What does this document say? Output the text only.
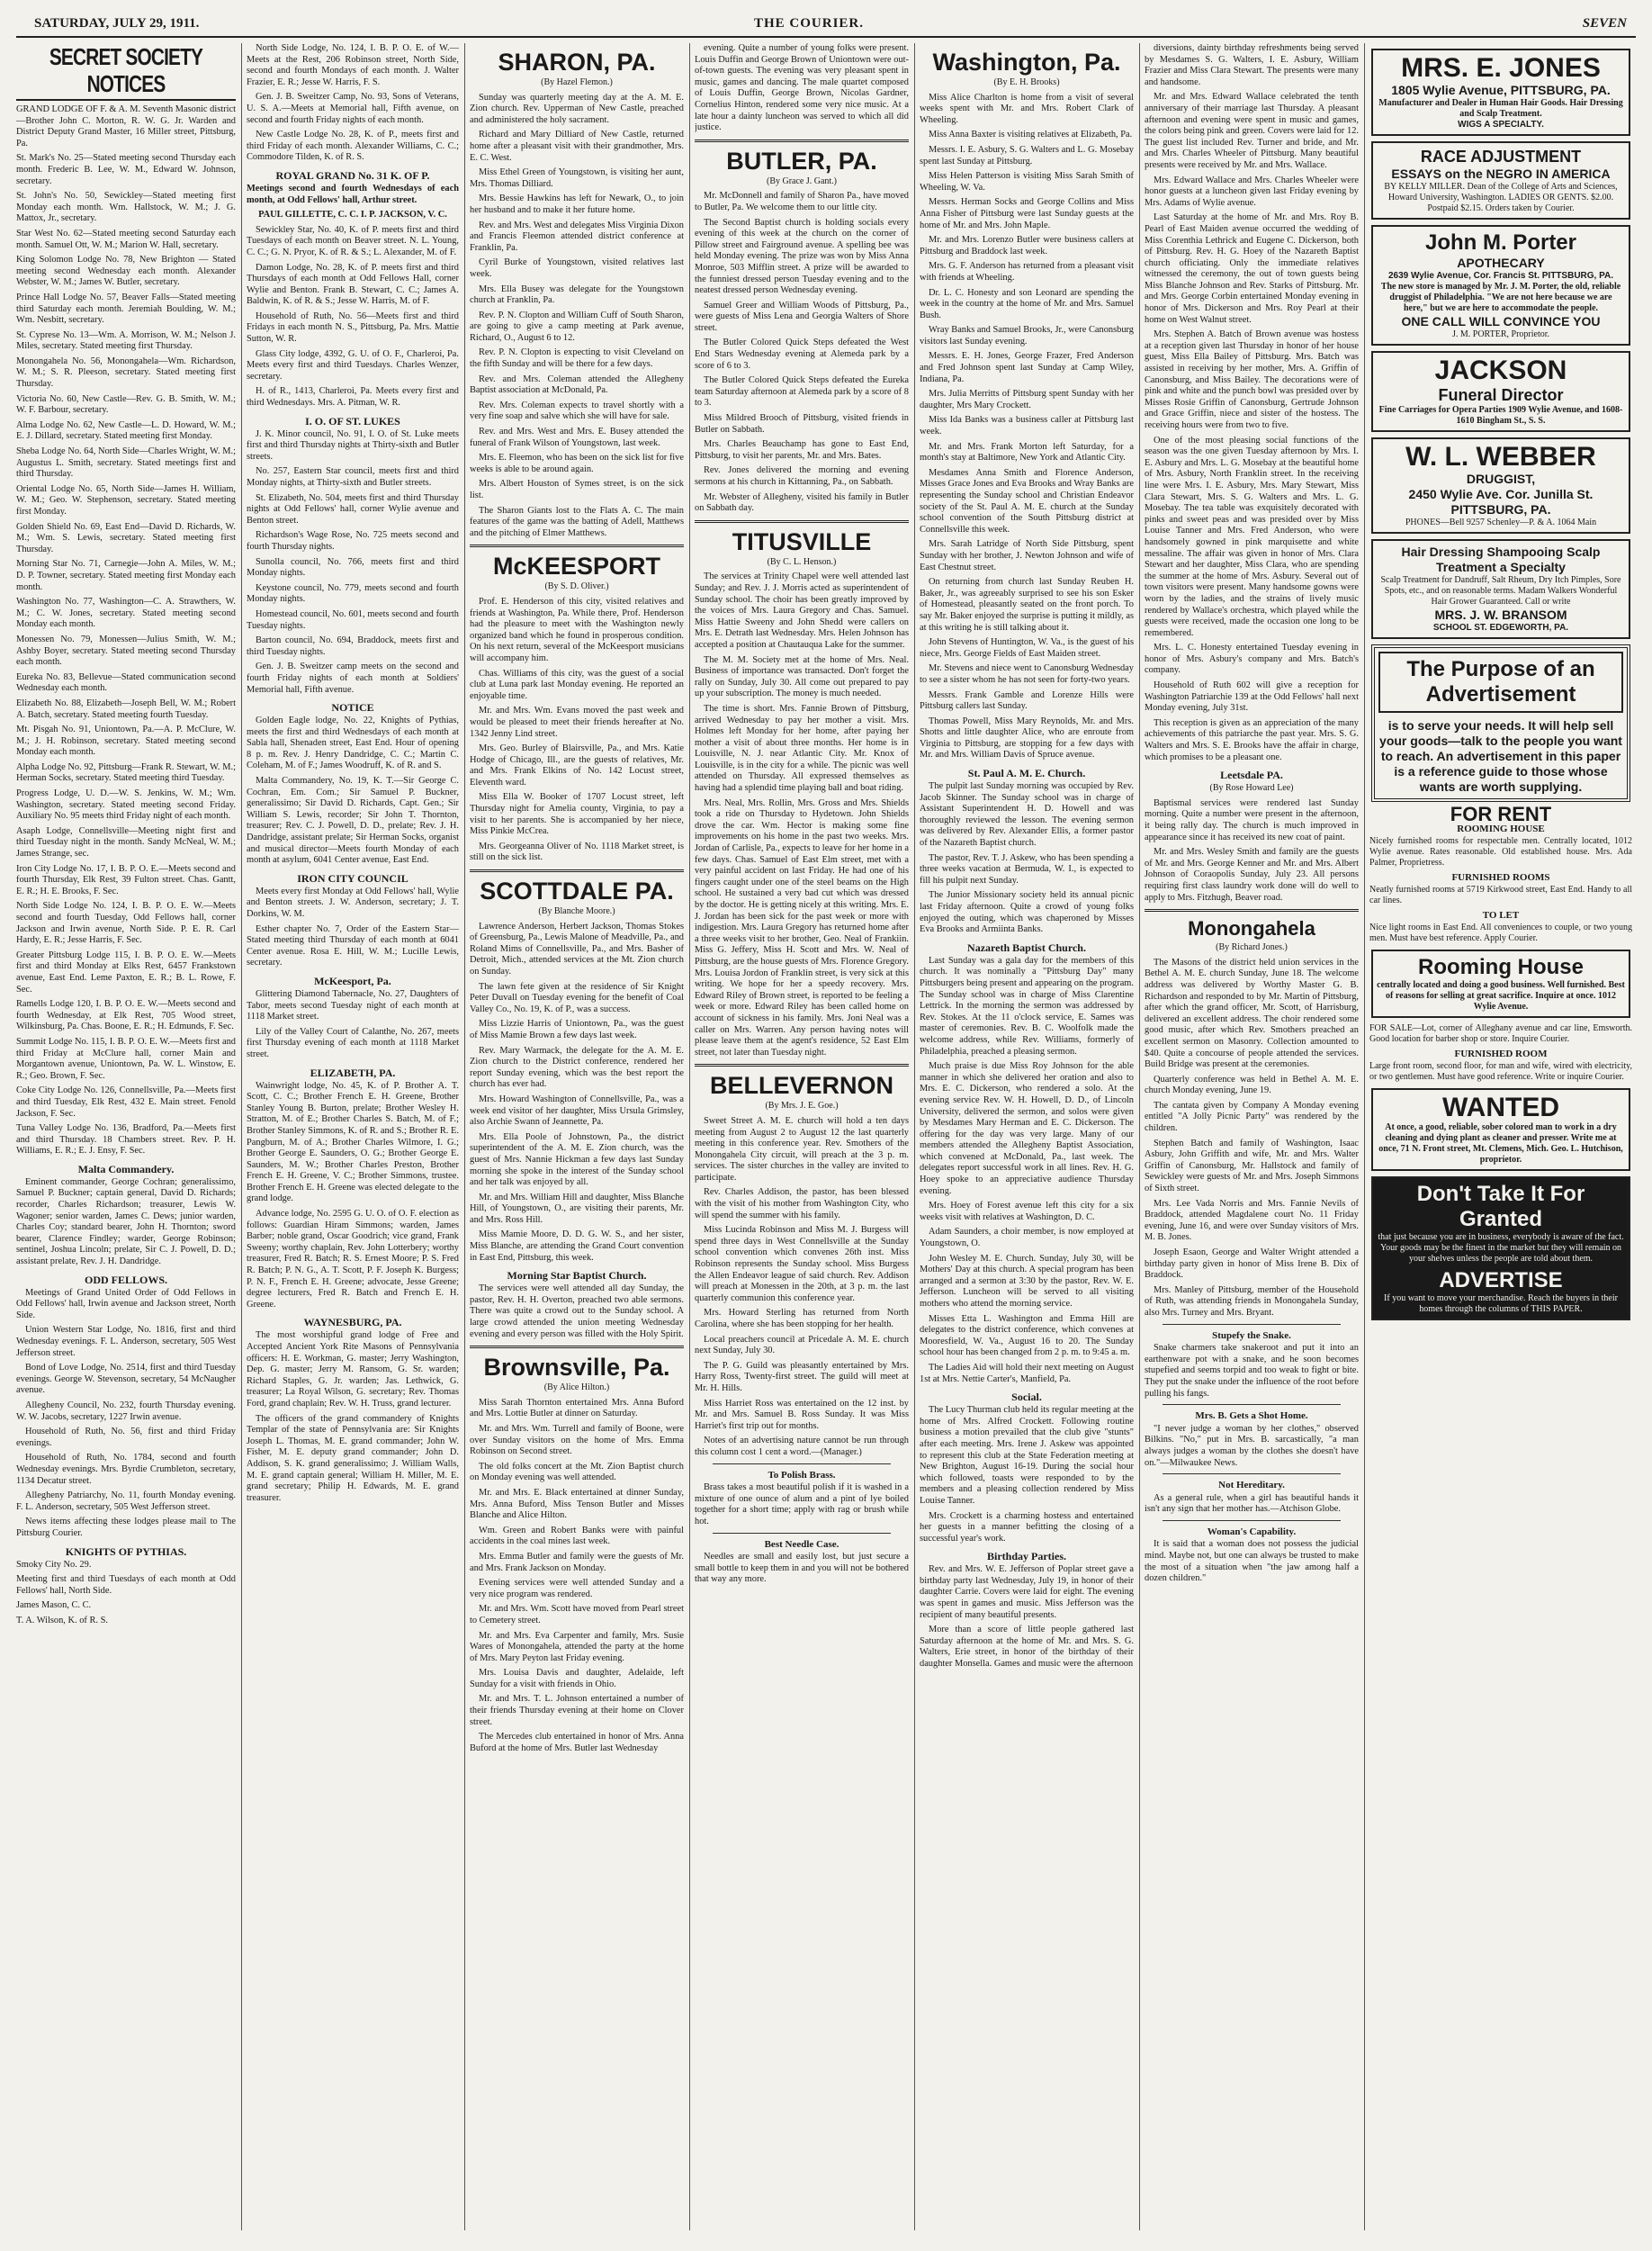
SATURDAY, JULY 29, 1911.	THE COURIER.	SEVEN
SECRET SOCIETY NOTICES

GRAND LODGE OF F. & A. M. Seventh Masonic district—Brother John C. Morton, R. W. G. Jr. Warden and District Deputy Grand Master, 16 Miller street, Pittsburg, Pa.

St. Mark's No. 25—Stated meeting second Thursday each month. Frederic B. Lee, W. M., Edward W. Johnson, secretary.

St. John's No. 50, Sewickley—Stated meeting first Monday each month. Wm. Hallstock, W. M.; J. G. Mattox, Jr., secretary.

Star West No. 62—Stated meeting second Saturday each month. Samuel Ott, W. M.; Marion W. Hall, secretary.

King Solomon Lodge No. 78, New Brighton — Stated meeting second Wednesday each month. Alexander Webster, W. M.; James W. Butler, secretary.

Prince Hall Lodge No. 57, Beaver Falls—Stated meeting third Saturday each month. Jeremiah Boulding, W. M.; Wm. Nesbitt, secretary.

St. Cyprese No. 13—Wm. A. Morrison, W. M.; Nelson J. Miles, secretary. Stated meeting first Thursday.

Monongahela No. 56, Monongahela—Wm. Richardson, W. M.; S. R. Pleeson, secretary. Stated meeting first Thursday.

Victoria No. 60, New Castle—Rev. G. B. Smith, W. M.; W. F. Barbour, secretary.

Alma Lodge No. 62, New Castle—L. D. Howard, W. M.; E. J. Dillard, secretary. Stated meeting first Monday.

Sheba Lodge No. 64, North Side—Charles Wright, W. M.; Augustus L. Smith, secretary. Stated meetings first and third Thursday.

Oriental Lodge No. 65, North Side—James H. William, W. M.; Geo. W. Stephenson, secretary. Stated meeting first Monday.

Golden Shield No. 69, East End—David D. Richards, W. M.; Wm. S. Lewis, secretary. Stated meeting first Thursday.

Morning Star No. 71, Carnegie—John A. Miles, W. M.; D. P. Towner, secretary. Stated meeting first Monday each month.

Washington No. 77, Washington—C. A. Strawthers, W. M.; C. W. Jones, secretary. Stated meeting second Monday each month.

Monessen No. 79, Monessen—Julius Smith, W. M.; Ashby Boyer, secretary. Stated meeting second Thursday each month.

Eureka No. 83, Bellevue—Stated communication second Wednesday each month.

Elizabeth No. 88, Elizabeth—Joseph Bell, W. M.; Robert A. Batch, secretary. Stated meeting fourth Tuesday.

Mt. Pisgah No. 91, Uniontown, Pa.—A. P. McClure, W. M.; J. H. Robinson, secretary. Stated meeting second Monday each month.

Alpha Lodge No. 92, Pittsburg—Frank R. Stewart, W. M.; Herman Socks, secretary. Stated meeting third Tuesday.

Progress Lodge, U. D.—W. S. Jenkins, W. M.; Wm. Washington, secretary. Stated meeting second Friday. Auxiliary No. 95 meets third Friday night of each month.

Asaph Lodge, Connellsville—Meeting night first and third Tuesday night in the month. Sandy McNeal, W. M.; James Strange, sec.

Iron City Lodge No. 17, I. B. P. O. E.—Meets second and fourth Thursday, Elk Rest, 39 Fulton street. Chas. Gantt, E. R.; H. E. Brooks, F. Sec.

North Side Lodge No. 124, I. B. P. O. E. W.—Meets second and fourth Tuesday, Odd Fellows hall, corner Jackson and Irwin avenue, North Side. P. E. R. Carl Hardy, E. R.; Jesse Harris, F. Sec.

Greater Pittsburg Lodge 115, I. B. P. O. E. W.—Meets first and third Monday at Elks Rest, 6457 Frankstown avenue, East End. Leme Paxton, E. R.; B. L. Rowe, F. Sec.

Ramells Lodge 120, I. B. P. O. E. W.—Meets second and fourth Wednesday, at Elk Rest, 705 Wood street, Wilkinsburg, Pa. Chas. Boone, E. R.; H. Edmunds, F. Sec.

Summit Lodge No. 115, I. B. P. O. E. W.—Meets first and third Friday at McClure hall, corner Main and Morgantown avenue, Uniontown, Pa. W. L. Winstow, E. R.; Geo. Brown, F. Sec.

Coke City Lodge No. 126, Connellsville, Pa.—Meets first and third Tuesday, Elk Rest, 432 E. Main street. Fenold Jackson, F. Sec.

Tuna Valley Lodge No. 136, Bradford, Pa.—Meets first and third Thursday. 18 Chambers street. Rev. P. H. Williams, E. R.; E. J. Ensy, F. Sec.

Malta Commandery.

Eminent commander, George Cochran; generalissimo, Samuel P. Buckner; captain general, David D. Richards; recorder, Charles Richardson; treasurer, Lewis W. Wagoner; senior warden, James C. Dews; junior warden, Charles Coy; standard bearer, John H. Thornton; sword bearer, Clarence Findley; warder, George Robinson; sentinel, Joshua Lincoln; prelate, Sir C. J. Powell, D. D.; assistant prelate, Rev. J. H. Dandridge.

ODD FELLOWS.

Meetings of Grand United Order of Odd Fellows in Odd Fellows' hall, Irwin avenue and Jackson street, North Side.

Union Western Star Lodge, No. 1816, first and third Wednesday evenings. F. L. Anderson, secretary, 505 West Jefferson street.

Bond of Love Lodge, No. 2514, first and third Tuesday evenings. George W. Stevenson, secretary, 54 McNaugher avenue.

Allegheny Council, No. 232, fourth Thursday evening. W. W. Jacobs, secretary, 1227 Irwin avenue.

Household of Ruth, No. 56, first and third Friday evenings.

Household of Ruth, No. 1784, second and fourth Wednesday evenings. Mrs. Byrdie Crumbleton, secretary, 1134 Decatur street.

Allegheny Patriarchy, No. 11, fourth Monday evening. F. L. Anderson, secretary, 505 West Jefferson street.

News items affecting these lodges please mail to The Pittsburg Courier.

KNIGHTS OF PYTHIAS.

Smoky City No. 29.

Meeting first and third Tuesdays of each month at Odd Fellows' hall, North Side.

James Mason, C. C.

T. A. Wilson, K. of R. S.

North Side Lodge, No. 124, I. B. P. O. E. of W.—Meets at the Rest, 206 Robinson street, North Side, second and fourth Mondays of each month. J. Walter Frazier, E. R.; Jesse W. Harris, F. S.

Gen. J. B. Sweitzer Camp, No. 93, Sons of Veterans, U. S. A.—Meets at Memorial hall, Fifth avenue, on second and fourth Friday nights of each month.

New Castle Lodge No. 28, K. of P., meets first and third Friday of each month. Alexander Williams, C. C.; Commodore Tilden, K. of R. S.

ROYAL GRAND No. 31 K. OF P.

Meetings second and fourth Wednesdays of each month, at Odd Fellows' hall, Arthur street.

PAUL GILLETTE, C. C. I. P. JACKSON, V. C.

Sewickley Star, No. 40, K. of P. meets first and third Tuesdays of each month on Beaver street. N. L. Young, C. C.; G. N. Pryor, K. of R. & S.; L. Alexander, M. of F.

Damon Lodge, No. 28, K. of P. meets first and third Thursdays of each month at Odd Fellows Hall, corner Wylie and Benton. Frank B. Stewart, C. C.; James A. Baldwin, K. of R. & S.; Jesse W. Harris, M. of F.

Household of Ruth, No. 56—Meets first and third Fridays in each month N. S., Pittsburg, Pa. Mrs. Mattie Sutton, W. R.

Glass City lodge, 4392, G. U. of O. F., Charleroi, Pa. Meets every first and third Tuesdays. Charles Wenzer, secretary.

H. of R., 1413, Charleroi, Pa. Meets every first and third Wednesdays. Mrs. A. Pitman, W. R.

I. O. OF ST. LUKES

J. K. Minor council, No. 91, I. O. of St. Luke meets first and third Thursday nights at Thirty-sixth and Butler streets.

No. 257, Eastern Star council, meets first and third Monday nights, at Thirty-sixth and Butler streets.

St. Elizabeth, No. 504, meets first and third Thursday nights at Odd Fellows' hall, corner Wylie avenue and Benton street.

Richardson's Wage Rose, No. 725 meets second and fourth Thursday nights.

Sunolla council, No. 766, meets first and third Monday nights.

Keystone council, No. 779, meets second and fourth Monday nights.

Homestead council, No. 601, meets second and fourth Tuesday nights.

Barton council, No. 694, Braddock, meets first and third Tuesday nights.

Gen. J. B. Sweitzer camp meets on the second and fourth Friday nights of each month at Soldiers' Memorial hall, Fifth avenue.

NOTICE

Golden Eagle lodge, No. 22, Knights of Pythias, meets the first and third Wednesdays of each month at Sabla hall, Shenaden street, East End. Hour of opening 8 p. m. Rev. J. Henry Dandridge, C. C.; Martin C. Coleham, M. of F.; James Woodruff, K. of R. and S.

Malta Commandery, No. 19, K. T.—Sir George C. Cochran, Em. Com.; Sir Samuel P. Buckner, generalissimo; Sir David D. Richards, Capt. Gen.; Sir William S. Lewis, recorder; Sir John T. Thornton, treasurer; Rev. C. J. Powell, D. D., prelate; Rev. J. H. Dandridge, assistant prelate; Sir Herman Socks, organist and musical director—Meets fourth Monday of each month at asylum, 6041 Center avenue, East End.

IRON CITY COUNCIL

Meets every first Monday at Odd Fellows' hall, Wylie and Benton streets. J. W. Anderson, secretary; J. T. Dorkins, W. M.

Esther chapter No. 7, Order of the Eastern Star—Stated meeting third Thursday of each month at 6041 Center avenue. Rosa E. Hill, W. M.; Lucille Lewis, secretary.

McKeesport, Pa.

Glittering Diamond Tabernacle, No. 27, Daughters of Tabor, meets second Tuesday night of each month at 1118 Market street.

Lily of the Valley Court of Calanthe, No. 267, meets first Thursday evening of each month at 1118 Market street.

ELIZABETH, PA.

Wainwright lodge, No. 45, K. of P. Brother A. T. Scott, C. C.; Brother French E. H. Greene, Brother Stanley Young B. Burton, prelate; Brother Wesley H. Stratton, M. of E.; Brother Charles S. Batch, M. of F.; Brother Stanley Simmons, K. of R. and S.; Brother R. E. Pangburn, M. of A.; Brother Charles Wilmore, I. G.; Brother George E. Saunders, O. G.; Brother George E. Saunders, M. W.; Brother Charles Preston, Brother French E. H. Greene, V. C.; Brother Simmons, trustee. Brother French E. H. Greene was elected delegate to the grand lodge.

Advance lodge, No. 2595 G. U. O. of O. F. election as follows: Guardian Hiram Simmons; warden, James Barber; noble grand, Oscar Goodrich; vice grand, Frank Sweeny; worthy chaplain, Rev. John Lotterbery; worthy treasurer, Fred R. Batch; R. S. Ernest Moore; P. S. Fred R. Batch; P. N. G., A. T. Scott, P. F. Joseph K. Burgess; P. N. F., French E. H. Greene; advocate, Jesse Greene; degree lecturers, Fred R. Batch and French E. H. Greene.

WAYNESBURG, PA.

The most worshipful grand lodge of Free and Accepted Ancient York Rite Masons of Pennsylvania officers: H. E. Workman, G. master; Jerry Washington, Dep. G. master; Jerry M. Ransom, G. Sr. warden; Richard Staples, G. Jr. warden; Jas. Lethwick, G. treasurer; La Royal Wilson, G. secretary; Rev. Thomas Ford, grand chaplain; Rev. W. H. Truss, grand lecturer.

The officers of the grand commandery of Knights Templar of the state of Pennsylvania are: Sir Knights Joseph L. Thomas, M. E. grand commander; John W. Fisher, M. E. deputy grand commander; John D. Addison, S. K. grand generalissimo; J. William Walls, M. E. grand captain general; William H. Miller, M. E. grand secretary; Philip H. Edwards, M. E. grand treasurer.

SHARON, PA.
(By Hazel Flemon.)

Sunday was quarterly meeting day at the A. M. E. Zion church. Rev. Upperman of New Castle, preached and administered the holy sacrament.

Richard and Mary Dilliard of New Castle, returned home after a pleasant visit with their grandmother, Mrs. E. C. West.

Miss Ethel Green of Youngstown, is visiting her aunt, Mrs. Thomas Dilliard.

Mrs. Bessie Hawkins has left for Newark, O., to join her husband and to make it her future home.

Rev. and Mrs. West and delegates Miss Virginia Dixon and Francis Fleemon attended district conference at Franklin, Pa.

Cyril Burke of Youngstown, visited relatives last week.

Mrs. Ella Busey was delegate for the Youngstown church at Franklin, Pa.

Rev. P. N. Clopton and William Cuff of South Sharon, are going to give a camp meeting at Park avenue, Richard, O., August 6 to 12.

Rev. P. N. Clopton is expecting to visit Cleveland on the fifth Sunday and will be there for a few days.

Rev. and Mrs. Coleman attended the Allegheny Baptist association at McDonald, Pa.

Rev. Mrs. Coleman expects to travel shortly with a very fine soap and salve which she will have for sale.

Rev. and Mrs. West and Mrs. E. Busey attended the funeral of Frank Wilson of Youngstown, last week.

Mrs. E. Fleemon, who has been on the sick list for five weeks is able to be around again.

Mrs. Albert Houston of Symes street, is on the sick list.

The Sharon Giants lost to the Flats A. C. The main features of the game was the batting of Adell, Matthews and the pitching of Elmer Matthews.

McKEESPORT
(By S. D. Oliver.)

Prof. E. Henderson of this city, visited relatives and friends at Washington, Pa. While there, Prof. Henderson had the pleasure to meet with the Washington newly organized band which he found in prosperous condition. On his next return, several of the McKeesport musicians will accompany him.

Chas. Williams of this city, was the guest of a social club at Luna park last Monday evening. He reported an enjoyable time.

Mr. and Mrs. Wm. Evans moved the past week and would be pleased to meet their friends hereafter at No. 1342 Jenny Lind street.

Mrs. Geo. Burley of Blairsville, Pa., and Mrs. Katie Hodge of Chicago, Ill., are the guests of relatives, Mr. and Mrs. Frank Elkins of No. 142 Locust street, Eleventh ward.

Miss Ella W. Booker of 1707 Locust street, left Thursday night for Amelia county, Virginia, to pay a visit to her parents. She is accompanied by her niece, Miss Pinkie McCrea.

Mrs. Georgeanna Oliver of No. 1118 Market street, is still on the sick list.

SCOTTDALE PA.
(By Blanche Moore.)

Lawrence Anderson, Herbert Jackson, Thomas Stokes of Greensburg, Pa., Lewis Malone of Meadville, Pa., and Roland Mims of Connellsville, Pa., and Mrs. Basher of Detroit, Mich., attended services at the Mt. Zion church on Sunday.

The lawn fete given at the residence of Sir Knight Peter Duvall on Tuesday evening for the benefit of Coal Valley Co., No. 19, K. of P., was a success.

Miss Lizzie Harris of Uniontown, Pa., was the guest of Miss Mamie Brown a few days last week.

Rev. Mary Warmack, the delegate for the A. M. E. Zion church to the District conference, rendered her report Sunday evening, which was the best report the church has ever had.

Mrs. Howard Washington of Connellsville, Pa., was a week end visitor of her daughter, Miss Ursula Grimsley, also Archie Swann of Jeannette, Pa.

Mrs. Ella Poole of Johnstown, Pa., the district superintendent of the A. M. E. Zion church, was the guest of Mrs. Nannie Hickman a few days last Sunday morning she spoke in the interest of the Sunday school and her talk was enjoyed by all.

Mr. and Mrs. William Hill and daughter, Miss Blanche Hill, of Youngstown, O., are visiting their parents, Mr. and Mrs. Ross Hill.

Miss Mamie Moore, D. D. G. W. S., and her sister, Miss Blanche, are attending the Grand Court convention in East End, Pittsburg, this week.

Morning Star Baptist Church.

The services were well attended all day Sunday, the pastor, Rev. H. H. Overton, preached two able sermons. There was quite a crowd out to the Sunday school. A large crowd attended the union meeting Wednesday evening and every person was filled with the Holy Spirit.

Brownsville, Pa.
(By Alice Hilton.)

Miss Sarah Thornton entertained Mrs. Anna Buford and Mrs. Lottie Butler at dinner on Saturday.

Mr. and Mrs. Wm. Turrell and family of Boone, were over Sunday visitors on the home of Mrs. Emma Robinson on Second street.

The old folks concert at the Mt. Zion Baptist church on Monday evening was well attended.

Mr. and Mrs. E. Black entertained at dinner Sunday, Mrs. Anna Buford, Miss Tenson Butler and Misses Blanche and Alice Hilton.

Wm. Green and Robert Banks were with painful accidents in the coal mines last week.

Mrs. Emma Butler and family were the guests of Mr. and Mrs. Frank Jackson on Monday.

Evening services were well attended Sunday and a very nice program was rendered.

Mr. and Mrs. Wm. Scott have moved from Pearl street to Cemetery street.

Mr. and Mrs. Eva Carpenter and family, Mrs. Susie Wares of Monongahela, attended the party at the home of Mrs. Mary Peyton last Friday evening.

Mrs. Louisa Davis and daughter, Adelaide, left Sunday for a visit with friends in Ohio.

Mr. and Mrs. T. L. Johnson entertained a number of their friends Thursday evening at their home on Clover street.

The Mercedes club entertained in honor of Mrs. Anna Buford at the home of Mrs. Butler last Wednesday

evening. Quite a number of young folks were present. Louis Duffin and George Brown of Uniontown were out-of-town guests. The evening was very pleasant spent in music, games and dancing. The male quartet composed of Louis Duffin, George Brown, Nicolas Gardner, Cornelius Hinton, rendered some very nice music. At a late hour a dainty luncheon was served to which all did justice.

BUTLER, PA.
(By Grace J. Gant.)

Mr. McDonnell and family of Sharon Pa., have moved to Butler, Pa. We welcome them to our little city.

The Second Baptist church is holding socials every evening of this week at the church on the corner of Pillow street and Fairground avenue. A spelling bee was held Monday evening. The prize was won by Miss Anna Monroe, 503 Mifflin street. A prize will be awarded to the funniest dressed person Tuesday evening and to the neatest dressed person Wednesday evening.

Samuel Greer and William Woods of Pittsburg, Pa., were guests of Miss Lena and Georgia Walters of Shore street.

The Butler Colored Quick Steps defeated the West End Stars Wednesday evening at Alemeda park by a score of 6 to 3.

The Butler Colored Quick Steps defeated the Eureka team Saturday afternoon at Alemeda park by a score of 8 to 3.

Miss Mildred Brooch of Pittsburg, visited friends in Butler on Sabbath.

Mrs. Charles Beauchamp has gone to East End, Pittsburg, to visit her parents, Mr. and Mrs. Bates.

Rev. Jones delivered the morning and evening sermons at his church in Kittanning, Pa., on Sabbath.

Mr. Webster of Allegheny, visited his family in Butler on Sabbath day.

TITUSVILLE
(By C. L. Henson.)

The services at Trinity Chapel were well attended last Sunday; and Rev. J. J. Morris acted as superintendent of Sunday school. The choir has been greatly improved by the voices of Mrs. Laura Gregory and Chas. Samuel. Miss Hattie Sweeny and John Shedd were callers on Mrs. E. Detrath last Wednesday. Mrs. Helen Johnson has accepted a position at Chautauqua Lake for the summer.

The M. M. Society met at the home of Mrs. Neal. Business of importance was transacted. Don't forget the rally on Sunday, July 30. All come out prepared to pay up your subscription. The money is much needed.

The time is short. Mrs. Fannie Brown of Pittsburg, arrived Wednesday to pay her mother a visit. Mrs. Holmes left Monday for her home, after paying her mother a visit of about three months. Her home is in Louisville, N. J. near Atlantic City. Mr. Knox of Louisville, is in the city for a while. The picnic was well attended on Thursday. All expressed themselves as having had a splendid time playing ball and boat riding.

Mrs. Neal, Mrs. Rollin, Mrs. Gross and Mrs. Shields took a ride on Thursday to Hydetown. John Shields drove the car. Wm. Hector is making some fine improvements on his home in the past two weeks. Mrs. Jordan of Carlisle, Pa., expects to leave for her home in a few days. Chas. Samuel of East Elm street, met with a very painful accident on last Friday. He had one of his fingers caught under one of the steel beams on the High school. He sustained a very bad cut which was dressed by the doctor. He is getting nicely at this writing. Mrs. E. J. Jordan has been sick for the past week or more with indigestion. Mrs. Laura Gregory has returned home after a three weeks visit to her brother, Geo. Neal of Frankiin. Miss G. Jeffery, Miss H. Scott and Mrs. W. Neal of Pittsburg, are the house guests of Mrs. Florence Gregory. Mrs. Louisa Jordon of Franklin street, is very sick at this writing. We hope for her a speedy recovery. Mrs. Edward Riley of Brown street, is reported to be feeling a week or more. Edward Riley has been called home on account of sickness in his family. Mrs. Joni Neal was a caller on Mrs. Warren. Any person having notes will please leave them at the agent's residence, 52 East Elm street, not later than Tuesday night.

BELLEVERNON
(By Mrs. J. E. Goe.)

Sweet Street A. M. E. church will hold a ten days meeting from August 2 to August 12 the last quarterly meeting in this conference year. Rev. Smothers of the Monongahela City circuit, will preach at the 3 p. m. services. The sister churches in the valley are invited to participate.

Rev. Charles Addison, the pastor, has been blessed with the visit of his mother from Washington City, who will spend the summer with his family.

Miss Lucinda Robinson and Miss M. J. Burgess will spend three days in West Connellsville at the Sunday school convention which convenes 26th inst. Miss Robinson represents the Sunday school. Miss Burgess the Allen Endeavor league of said church. Rev. Addison will preach at Monessen in the 20th, at 3 p. m. the last quarterly communion this conference year.

Mrs. Howard Sterling has returned from North Carolina, where she has been stopping for her health.

Local preachers council at Pricedale A. M. E. church next Sunday, July 30.

The P. G. Guild was pleasantly entertained by Mrs. Harry Ross, Twenty-first street. The guild will meet at Mr. H. Hills.

Miss Harriet Ross was entertained on the 12 inst. by Mr. and Mrs. Samuel B. Ross Sunday. It was Miss Harriet's first trip out for months.

Notes of an advertising nature cannot be run through this column cost 1 cent a word.—(Manager.)

To Polish Brass.

Brass takes a most beautiful polish if it is washed in a mixture of one ounce of alum and a pint of lye boiled together for a short time; apply with rag or brush while hot.

Best Needle Case.

Needles are small and easily lost, but just secure a small bottle to keep them in and you will not be bothered that way any more.

Washington, Pa.
(By E. H. Brooks)

Miss Alice Charlton is home from a visit of several weeks spent with Mr. and Mrs. Robert Clark of Wheeling.

Miss Anna Baxter is visiting relatives at Elizabeth, Pa.

Messrs. I. E. Asbury, S. G. Walters and L. G. Mosebay spent last Sunday at Pittsburg.

Miss Helen Patterson is visiting Miss Sarah Smith of Wheeling, W. Va.

Messrs. Herman Socks and George Collins and Miss Anna Fisher of Pittsburg were last Sunday guests at the home of Mr. and Mrs. John Maple.

Mr. and Mrs. Lorenzo Butler were business callers at Pittsburg and Braddock last week.

Mrs. G. F. Anderson has returned from a pleasant visit with friends at Wheeling.

Dr. L. C. Honesty and son Leonard are spending the week in the country at the home of Mr. and Mrs. Samuel Bush.

Wray Banks and Samuel Brooks, Jr., were Canonsburg visitors last Sunday evening.

Messrs. E. H. Jones, George Frazer, Fred Anderson and Fred Johnson spent last Sunday at Camp Wiley, Indiana, Pa.

Mrs. Julia Merritts of Pittsburg spent Sunday with her daughter, Mrs Mary Crockett.

Miss Ida Banks was a business caller at Pittsburg last week.

Mr. and Mrs. Frank Morton left Saturday, for a month's stay at Baltimore, New York and Atlantic City.

Mesdames Anna Smith and Florence Anderson, Misses Grace Jones and Eva Brooks and Wray Banks are representing the Sunday school and Christian Endeavor society of the St. Paul A. M. E. church at the Sunday school convention of the South Pittsburg district at Connellsville this week.

Mrs. Sarah Latridge of North Side Pittsburg, spent Sunday with her brother, J. Newton Johnson and wife of East Chestnut street.

On returning from church last Sunday Reuben H. Baker, Jr., was agreeably surprised to see his son Esker of Homestead, pleasantly seated on the front porch. To say Mr. Baker enjoyed the surprise is putting it mildly, as at this writing he is still talking about it.

John Stevens of Huntington, W. Va., is the guest of his niece, Mrs. George Fields of East Maiden street.

Mr. Stevens and niece went to Canonsburg Wednesday to see a sister whom he has not seen for forty-two years.

Messrs. Frank Gamble and Lorenze Hills were Pittsburg callers last Sunday.

Thomas Powell, Miss Mary Reynolds, Mr. and Mrs. Shotts and little daughter Alice, who are enroute from Virginia to Pittsburg, are stopping for a few days with Mr. and Mrs. William Davis of Spruce avenue.

St. Paul A. M. E. Church.

The pulpit last Sunday morning was occupied by Rev. Jacob Skinner. The Sunday school was in charge of Assistant Superintendent H. D. Howell and was thoroughly reviewed the lesson. The evening sermon was delivered by Rev. Alexander Ellis, a former pastor of the Nazareth Baptist church.

The pastor, Rev. T. J. Askew, who has been spending a three weeks vacation at Bermuda, W. I., is expected to fill his pulpit next Sunday.

The Junior Missionary society held its annual picnic last Friday afternoon. Quite a crowd of young folks enjoyed the outing, which was chaperoned by Misses Eva Brooks and Armiinta Banks.

Nazareth Baptist Church.

Last Sunday was a gala day for the members of this church. It was nominally a "Pittsburg Day" many Pittsburgers being present and appearing on the program. The Sunday school was in charge of Miss Clarentine Lettrick. In the morning the sermon was addressed by Rev. Stokes. At the 11 o'clock service, E. Sames was master of ceremonies. Rev. B. C. Woolfolk made the welcome address, while Rev. Williams, formerly of Philadelphia, preached a pleasing sermon.

Much praise is due Miss Roy Johnson for the able manner in which she delivered her oration and also to Mrs. E. C. Dickerson, who rendered a solo. At the evening service Rev. W. H. Howell, D. D., of Lincoln University, delivered the sermon, and solos were given by Mesdames Mary Herman and E. C. Dickerson. The offering for the day was very large. Many of our members attended the Allegheny Baptist Association, which convened at McDonald, Pa., last week. The delegates report successful work in all lines. Rev. H. G. Hoey spoke to an appreciative audience Thursday evening.

Mrs. Hoey of Forest avenue left this city for a six weeks visit with relatives at Washington, D. C.

Adam Saunders, a choir member, is now employed at Youngstown, O.

John Wesley M. E. Church. Sunday, July 30, will be Mothers' Day at this church. A special program has been arranged and a sermon at 3:30 by the pastor, Rev. W. E. Jefferson. Luncheon will be served to all visiting mothers who attend the morning service.

Misses Etta L. Washington and Emma Hill are delegates to the district conference, which convenes at Mooresfield, W. Va., August 16 to 20. The Sunday school hour has been changed from 2 p. m. to 9:45 a. m.

The Ladies Aid will hold their next meeting on August 1st at Mrs. Nettie Carter's, Manfield, Pa.

Social.

The Lucy Thurman club held its regular meeting at the home of Mrs. Alfred Crockett. Following routine business a motion prevailed that the club give "stunts" after each meeting. Mrs. Irene J. Askew was appointed to represent this club at the State Federation meeting at New Brighton, August 16-19. During the social hour which followed, toasts were responded to by the members and a pleasing collection rendered by Miss Louise Tanner.

Mrs. Crockett is a charming hostess and entertained her guests in a manner befitting the closing of a successful year's work.

Birthday Parties.

Rev. and Mrs. W. E. Jefferson of Poplar street gave a birthday party last Wednesday, July 19, in honor of their daughter Carrie. Covers were laid for eight. The evening was spent in games and music. Miss Jefferson was the recipient of many beautiful presents.

More than a score of little people gathered last Saturday afternoon at the home of Mr. and Mrs. S. G. Walters, Erie street, in honor of the birthday of their daughter Monsella. Games and music were the afternoon

diversions, dainty birthday refreshments being served by Mesdames S. G. Walters, I. E. Asbury, William Frazier and Miss Clara Stewart. The presents were many and handsome.

Mr. and Mrs. Edward Wallace celebrated the tenth anniversary of their marriage last Thursday. A pleasant afternoon and evening were spent in music and games, the colors being pink and green. Covers were laid for 12. The guest list included Rev. Turner and bride, and Mr. and Mrs. Charles Wheeler of Pittsburg. Many beautiful presents were received by Mr. and Mrs. Wallace.

Mrs. Edward Wallace and Mrs. Charles Wheeler were honor guests at a luncheon given last Friday evening by Mrs. Adams of Wylie avenue.

Last Saturday at the home of Mr. and Mrs. Roy B. Pearl of East Maiden avenue occurred the wedding of Miss Corenthia Lethrick and Eugene C. Dickerson, both of Pittsburg. Rev. H. G. Hoey of the Nazareth Baptist church officiating. Only the immediate relatives witnessed the ceremony, the out of town guests being Miss Blanche Johnson and Rev. Starks of Pittsburg. Mr. and Mrs. George Corbin entertained Monday evening in honor of Mrs. Dickerson and Mrs. Roy Pearl at their home on West Walnut street.

Mrs. Stephen A. Batch of Brown avenue was hostess at a reception given last Thursday in honor of her house guest, Miss Ella Bailey of Pittsburg. Mrs. Batch was assisted in receiving by her mother, Mrs. A. Griffin of Canonsburg, and Miss Bailey. The decorations were of pink and white and the punch bowl was presided over by Misses Rosie Griffin of Canonsburg, Gertrude Johnson and Grace Griffin, niece and sister of the hostess. The receiving hours were from two to five.

One of the most pleasing social functions of the season was the one given Tuesday afternoon by Mrs. I. E. Asbury and Mrs. L. G. Mosebay at the beautiful home of Mrs. Asbury, North Franklin street. In the receiving line were Mrs. I. E. Asbury, Mrs. Mary Stewart, Miss Clara Stewart, Mrs. S. G. Walters and Mrs. L. G. Mosebay. The tea table was exquisitely decorated with pinks and sweet peas and was presided over by Miss Louise Tanner and Mrs. Fred Anderson, who were handsomely gowned in pink marquisette and white messaline. The affair was given in honor of Mrs. Clara Stewart and her daughter, Miss Clara, who are spending the summer at the home of Mrs. Asbury. Several out of town visitors were present. Many handsome gowns were worn by the ladies, and the strains of lively music rendered by Wallace's orchestra, which played while the guests were received, made the occasion one long to be remembered.

Mrs. L. C. Honesty entertained Tuesday evening in honor of Mrs. Asbury's company and Mrs. Batch's company.

Household of Ruth 602 will give a reception for Washington Patriarchie 139 at the Odd Fellows' hall next Monday evening, July 31st.

This reception is given as an appreciation of the many achievements of this patriarche the past year. Mrs. S. G. Walters and Mrs. S. E. Brooks have the affair in charge, which promises to be a pleasant one.

Leetsdale PA.
(By Rose Howard Lee)

Baptismal services were rendered last Sunday morning. Quite a number were present in the afternoon, it being rally day. The church is much improved in appearance since it has received its new coat of paint.

Mr. and Mrs. Wesley Smith and family are the guests of Mr. and Mrs. George Kenner and Mr. and Mrs. Albert Johnson of Coraopolis Sunday, July 23. All persons requiring first class laundry work done will do well to apply to Mrs. Fitzhugh, Beaver road.

Monongahela
(By Richard Jones.)

The Masons of the district held union services in the Bethel A. M. E. church Sunday, June 18. The welcome address was delivered by Worthy Master G. B. Richardson and responded to by Mr. Martin of Pittsburg, after which the grand officer, Mr. Scott, of Harrisburg, delivered an excellent address. The choir rendered some good music, after which Rev. Smothers preached an excellent sermon on Masonry. Collection amounted to $40. Quite a concourse of people attended the services. Build Bridge was present at the ceremonies.

Quarterly conference was held in Bethel A. M. E. church Monday evening, June 19.

The cantata given by Company A Monday evening entitled "A Jolly Picnic Party" was rendered by the children.

Stephen Batch and family of Washington, Isaac Asbury, John Griffith and wife, Mr. and Mrs. Walter Griffin of Canonsburg, Mr. Hallstock and family of Sewickley were guests of Mr. and Mrs. Joseph Simmons of Sixth street.

Mrs. Lee Vada Norris and Mrs. Fannie Nevils of Braddock, attended Magdalene court No. 11 Friday evening, June 16, and were over Sunday visitors of Mrs. M. B. Jones.

Joseph Esaon, George and Walter Wright attended a birthday party given in honor of Miss Irene B. Dix of Braddock.

Mrs. Manley of Pittsburg, member of the Household of Ruth, was attending friends in Monongahela Sunday, also Mrs. Turney and Mrs. Bryant.

Stupefy the Snake.

Snake charmers take snakeroot and put it into an earthenware pot with a snake, and he soon becomes stupefied and seems torpid and too weak to fight or bite. They put the snake under the influence of the root before pulling his fangs.

Mrs. B. Gets a Shot Home.

"I never judge a woman by her clothes," observed Bilkins. "No," put in Mrs. B. sarcastically, "a man always judges a woman by the clothes she doesn't have on."—Milwaukee News.

Not Hereditary.

As a general rule, when a girl has beautiful hands it isn't any sign that her mother has.—Atchison Globe.

Woman's Capability.

It is said that a woman does not possess the judicial mind. Maybe not, but one can always be trusted to make the most of a situation when "the jaw among half a dozen children."

MRS. E. JONES
1805 Wylie Avenue, PITTSBURG, PA.
Manufacturer and Dealer in Human Hair Goods. Hair Dressing and Scalp Treatment.
WIGS A SPECIALTY.
RACE ADJUSTMENT
ESSAYS on the NEGRO IN AMERICA
BY KELLY MILLER. Dean of the College of Arts and Sciences, Howard University, Washington. LADIES OR GENTS. $2.00. Postpaid $2.15. Orders taken by Courier.
John M. Porter
APOTHECARY
2639 Wylie Avenue, Cor. Francis St. PITTSBURG, PA.
The new store is managed by Mr. J. M. Porter, the old, reliable druggist of Philadelphia. "We are not here because we are here," but we are here to accommodate the people.
ONE CALL WILL CONVINCE YOU
J. M. PORTER, Proprietor.
JACKSON
Funeral Director
Fine Carriages for Opera Parties 1909 Wylie Avenue, and 1608-1610 Bingham St., S. S.
W. L. WEBBER
DRUGGIST,
2450 Wylie Ave. Cor. Junilla St. PITTSBURG, PA.
PHONES—Bell 9257 Schenley—P. & A. 1064 Main
Hair Dressing Shampooing Scalp Treatment a Specialty
Scalp Treatment for Dandruff, Salt Rheum, Dry Itch Pimples, Sore Spots, etc., and on reasonable terms. Madam Walkers Wonderful Hair Grower Guaranteed. Call or write
MRS. J. W. BRANSOM
SCHOOL ST. EDGEWORTH, PA.
The Purpose of an Advertisement
is to serve your needs. It will help sell your goods—talk to the people you want to reach. An advertisement in this paper is a reference guide to those whose wants are worth supplying.
FOR RENT
ROOMING HOUSE
Nicely furnished rooms for respectable men. Centrally located, 1012 Wylie avenue. Rates reasonable. Old established house. Mrs. Ada Palmer, Proprietress.
FURNISHED ROOMS
Neatly furnished rooms at 5719 Kirkwood street, East End. Handy to all car lines.
TO LET
Nice light rooms in East End. All conveniences to couple, or two young men. Must have best reference. Apply Courier.
Rooming House
centrally located and doing a good business. Well furnished. Best of reasons for selling at great sacrifice. Inquire at once. 1012 Wylie Avenue.
FOR SALE—Lot, corner of Alleghany avenue and car line, Emsworth. Good location for barber shop or store. Inquire Courier.
FURNISHED ROOM
Large front room, second floor, for man and wife, wired with electricity, or two gentlemen. Must have good reference. Write or inquire Courier.
WANTED
At once, a good, reliable, sober colored man to work in a dry cleaning and dying plant as cleaner and presser. Write me at once, 71 N. Front street, Mt. Clemens, Mich. Geo. L. Hutchison, proprietor.
Don't Take It For Granted
that just because you are in business, everybody is aware of the fact. Your goods may be the finest in the market but they will remain on your shelves unless the people are told about them.
ADVERTISE
If you want to move your merchandise. Reach the buyers in their homes through the columns of THIS PAPER.
